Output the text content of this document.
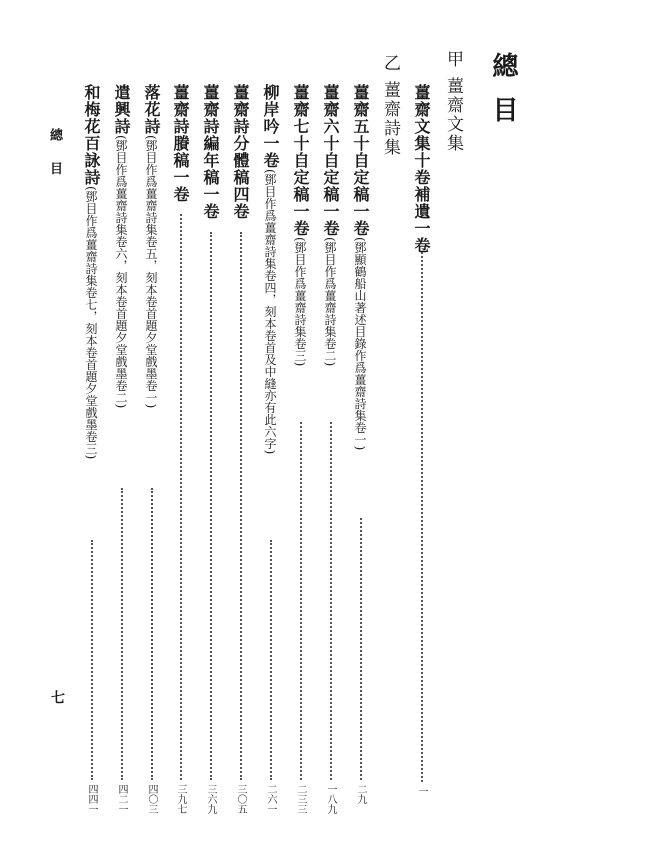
總目
甲薑齋文集
薑齋文集十卷補遺一卷
一
乙薑齋詩集
薑齋五十自定稿一卷(鄧顯鶴船山著述目錄作爲薑齋詩集卷一)
二九
薑齋六十自定稿一卷(鄧目作爲薑齋詩集卷二)
一八九
薑齋七十自定稿一卷(鄧目作爲薑齋詩集卷三)
二三三
柳岸吟一卷(鄧目作爲薑齋詩集卷四，刻本卷首及中縫亦有此六字)
二六一
薑齋詩分體稿四卷
三〇五
薑齋詩編年稿一卷
三六九
薑齋詩賸稿一卷
三九七
落花詩(鄧目作爲薑齋詩集卷五，刻本卷首題夕堂戲墨卷一)
四〇三
遣興詩(鄧目作爲薑齋詩集卷六，刻本卷首題夕堂戲墨卷二)
四二一
和梅花百詠詩(鄧目作爲薑齋詩集卷七，刻本卷首題夕堂戲墨卷三)
四四一
總 目
七
